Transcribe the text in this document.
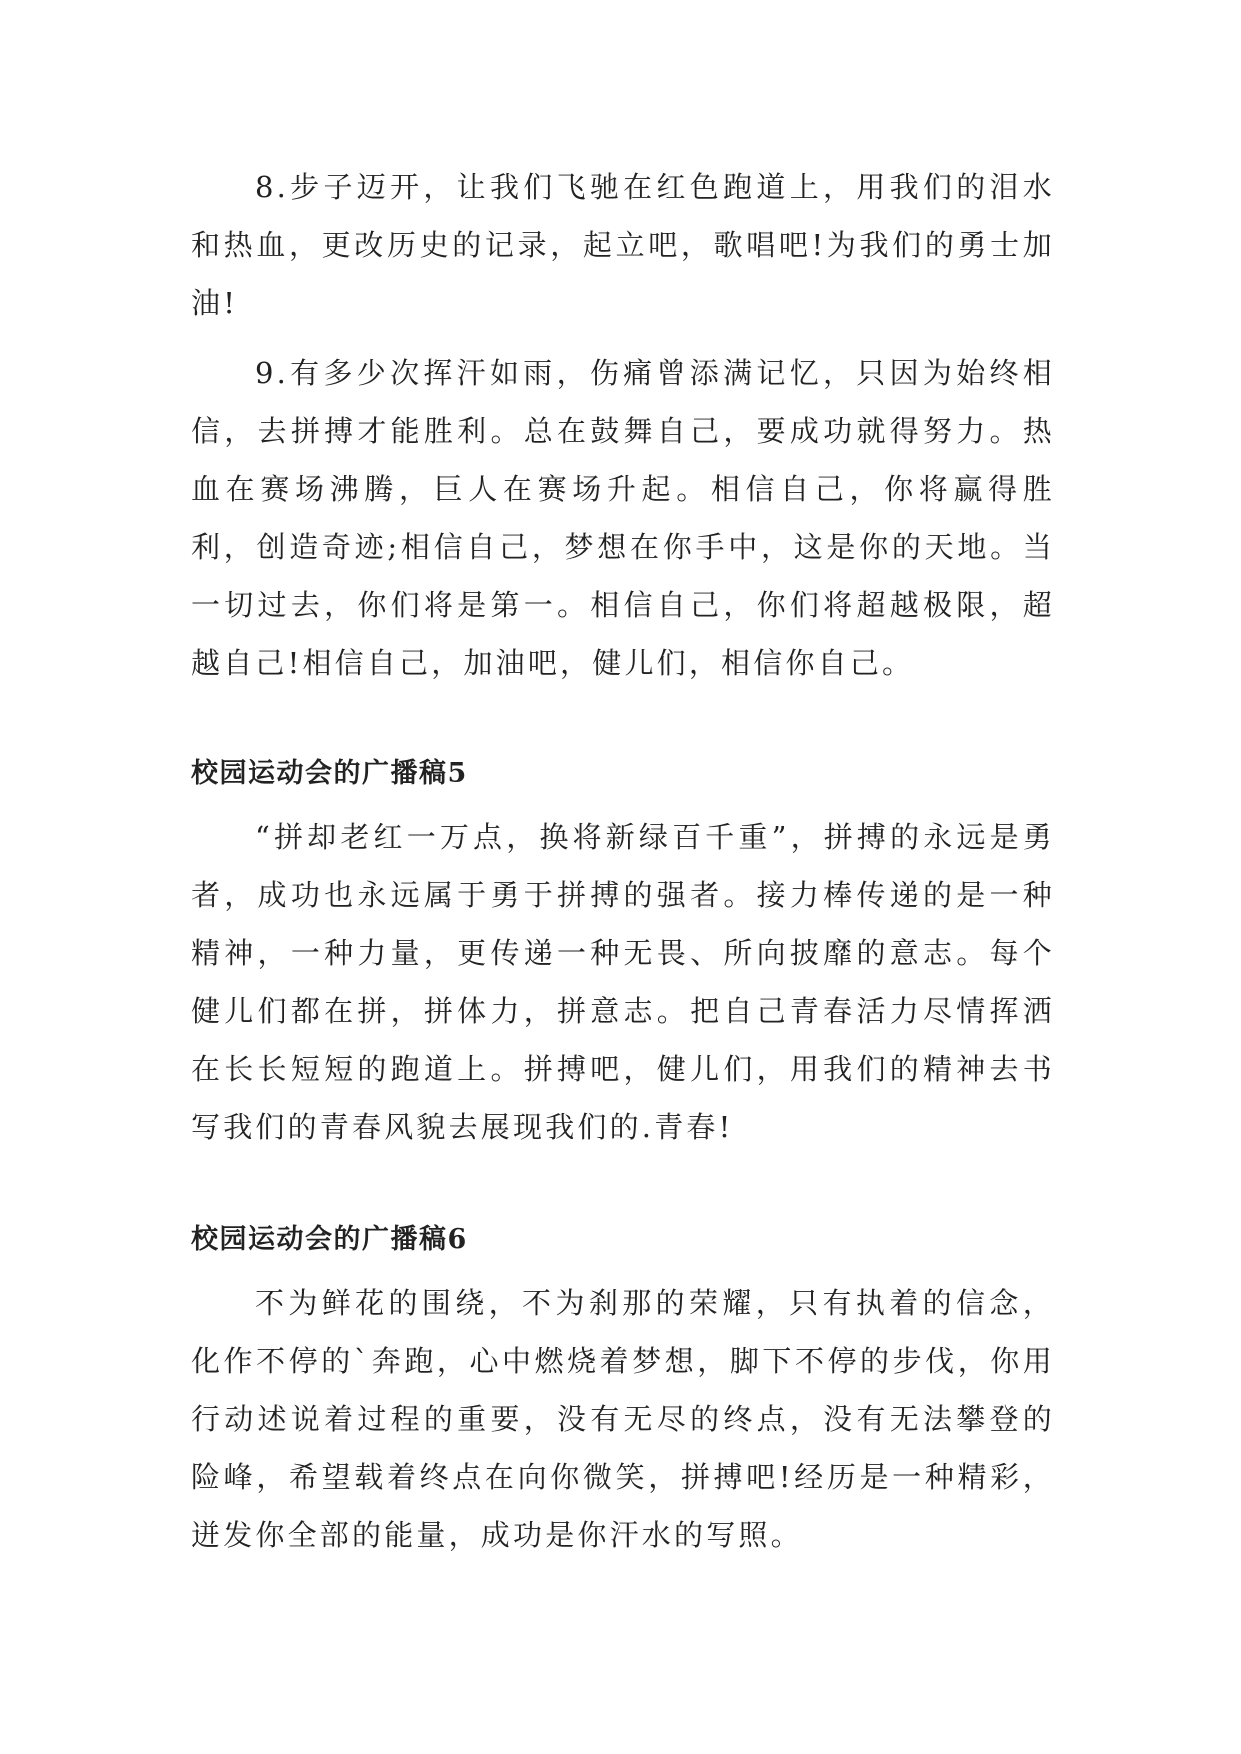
8.步子迈开，让我们飞驰在红色跑道上，用我们的泪水和热血，更改历史的记录，起立吧，歌唱吧!为我们的勇士加油!

9.有多少次挥汗如雨，伤痛曾添满记忆，只因为始终相信，去拼搏才能胜利。总在鼓舞自己，要成功就得努力。热血在赛场沸腾，巨人在赛场升起。相信自己，你将赢得胜利，创造奇迹;相信自己，梦想在你手中，这是你的天地。当一切过去，你们将是第一。相信自己，你们将超越极限，超越自己!相信自己，加油吧，健儿们，相信你自己。

校园运动会的广播稿5

“拼却老红一万点，换将新绿百千重”，拼搏的永远是勇者，成功也永远属于勇于拼搏的强者。接力棒传递的是一种精神，一种力量，更传递一种无畏、所向披靡的意志。每个健儿们都在拼，拼体力，拼意志。把自己青春活力尽情挥洒在长长短短的跑道上。拼搏吧，健儿们，用我们的精神去书写我们的青春风貌去展现我们的.青春!

校园运动会的广播稿6

不为鲜花的围绕，不为刹那的荣耀，只有执着的信念，化作不停的`奔跑，心中燃烧着梦想，脚下不停的步伐，你用行动述说着过程的重要，没有无尽的终点，没有无法攀登的险峰，希望载着终点在向你微笑，拼搏吧!经历是一种精彩，迸发你全部的能量，成功是你汗水的写照。
